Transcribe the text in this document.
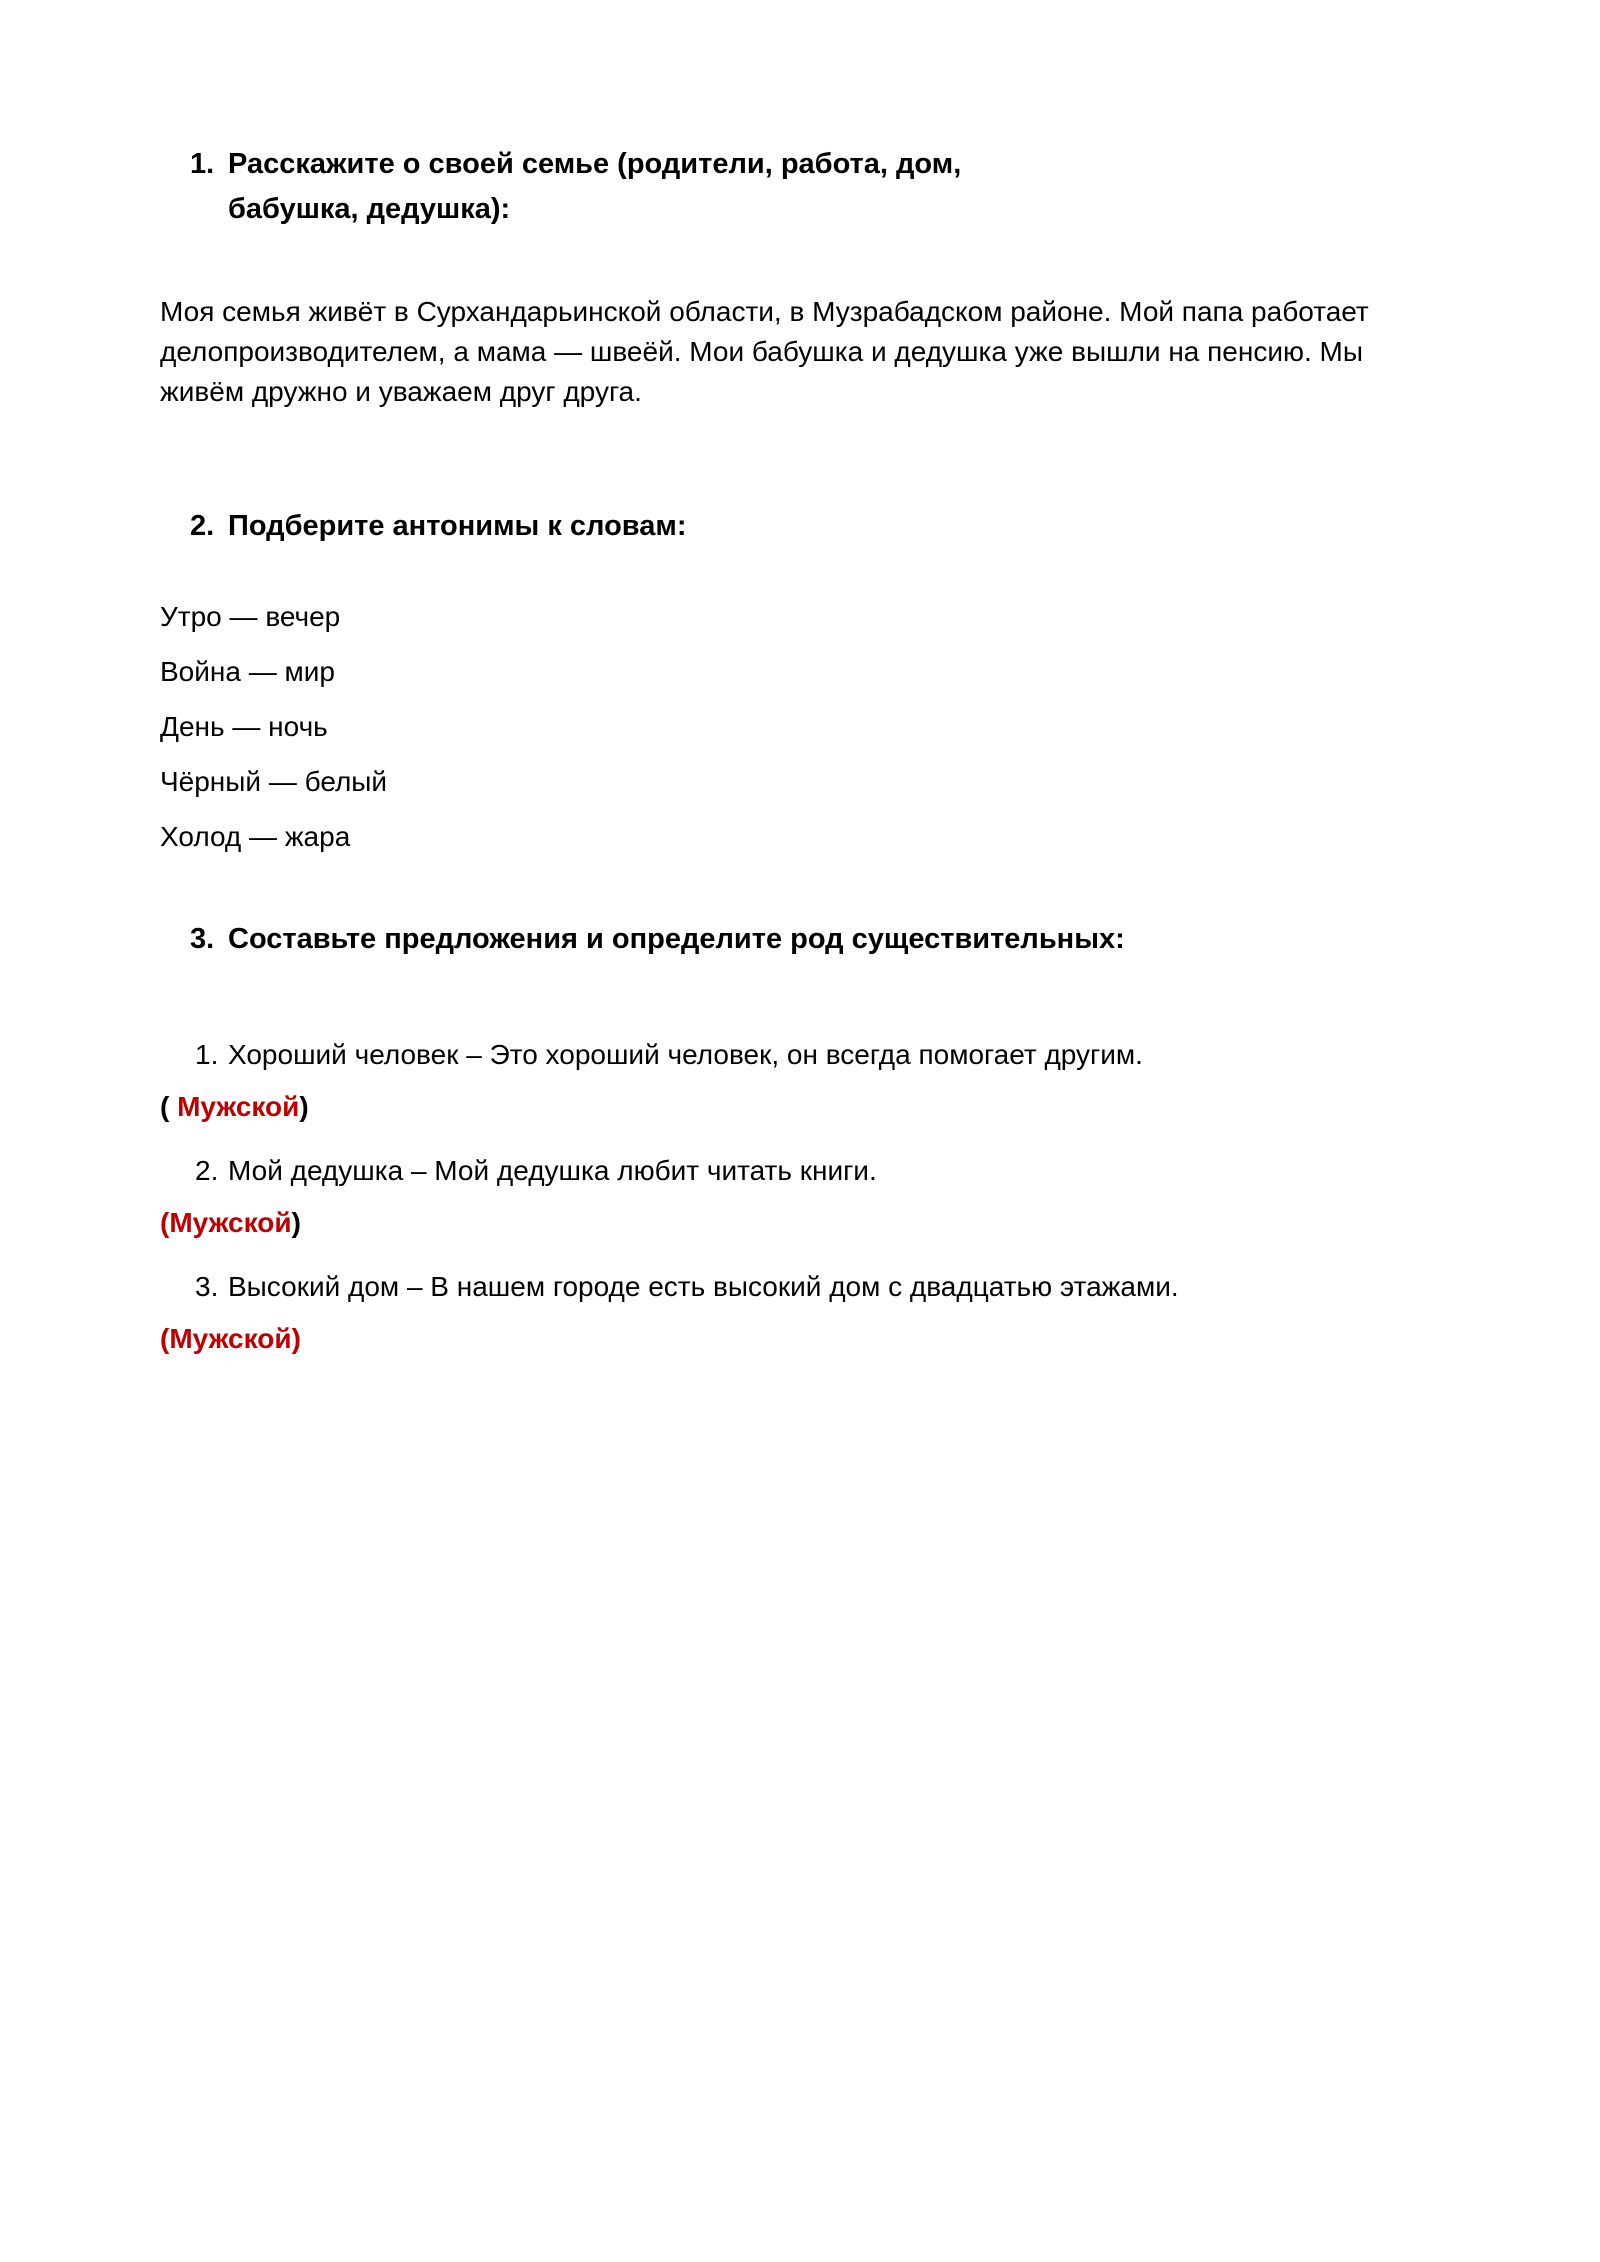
1. Расскажите о своей семье (родители, работа, дом, бабушка, дедушка):

Моя семья живёт в Сурхандарьинской области, в Музрабадском районе. Мой папа работает делопроизводителем, а мама — швеёй. Мои бабушка и дедушка уже вышли на пенсию. Мы живём дружно и уважаем друг друга.

2. Подберите антонимы к словам:

Утро — вечер

Война — мир

День — ночь

Чёрный — белый

Холод — жара

3. Составьте предложения и определите род существительных:
1. Хороший человек – Это хороший человек, он всегда помогает другим.

( Мужской)

2. Мой дедушка – Мой дедушка любит читать книги.

(Мужской)

3. Высокий дом – В нашем городе есть высокий дом с двадцатью этажами.

(Мужской)
